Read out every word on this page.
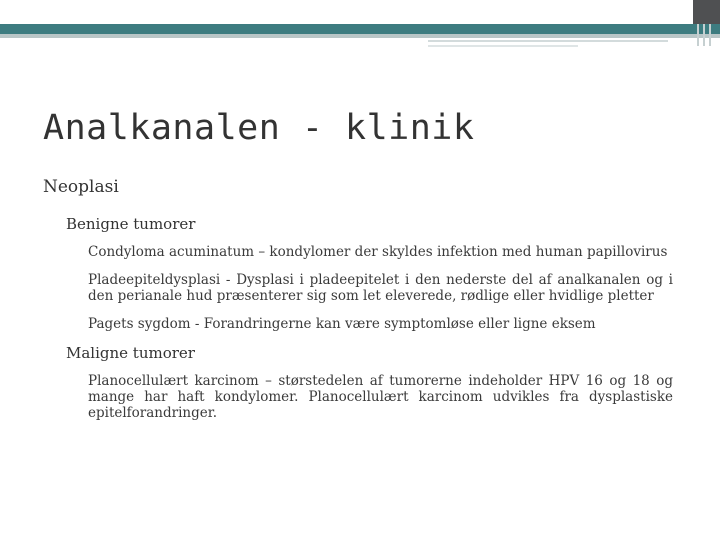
Analkanalen - klinik

Neoplasi

Benigne tumorer

Condyloma acuminatum – kondylomer der skyldes infektion med human papillovirus

Pladeepiteldysplasi - Dysplasi i pladeepitelet i den nederste del af analkanalen og i den perianale hud præsenterer sig som let eleverede, rødlige eller hvidlige pletter

Pagets sygdom - Forandringerne kan være symptomløse eller ligne eksem

Maligne tumorer

Planocellulært karcinom – størstedelen af tumorerne indeholder HPV 16 og 18 og mange har haft kondylomer. Planocellulært karcinom udvikles fra dysplastiske epitelforandringer.
